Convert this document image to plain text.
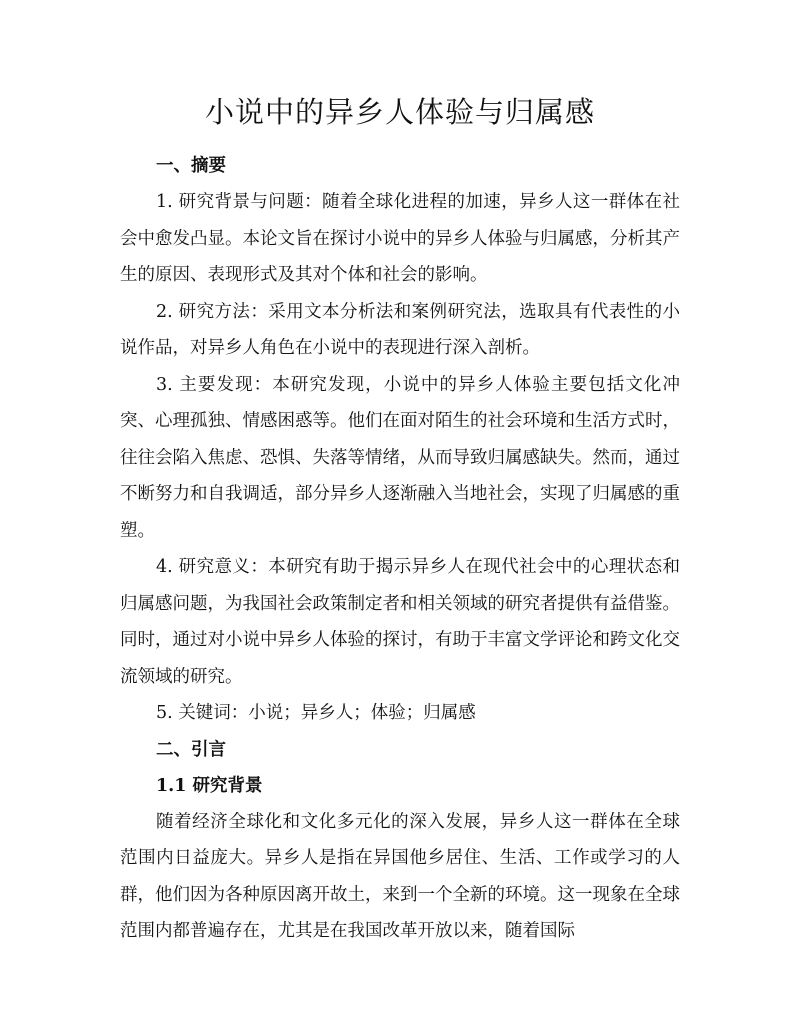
小说中的异乡人体验与归属感
一、摘要

1. 研究背景与问题：随着全球化进程的加速，异乡人这一群体在社会中愈发凸显。本论文旨在探讨小说中的异乡人体验与归属感，分析其产生的原因、表现形式及其对个体和社会的影响。

2. 研究方法：采用文本分析法和案例研究法，选取具有代表性的小说作品，对异乡人角色在小说中的表现进行深入剖析。

3. 主要发现：本研究发现，小说中的异乡人体验主要包括文化冲突、心理孤独、情感困惑等。他们在面对陌生的社会环境和生活方式时，往往会陷入焦虑、恐惧、失落等情绪，从而导致归属感缺失。然而，通过不断努力和自我调适，部分异乡人逐渐融入当地社会，实现了归属感的重塑。

4. 研究意义：本研究有助于揭示异乡人在现代社会中的心理状态和归属感问题，为我国社会政策制定者和相关领域的研究者提供有益借鉴。同时，通过对小说中异乡人体验的探讨，有助于丰富文学评论和跨文化交流领域的研究。

5. 关键词：小说；异乡人；体验；归属感

二、引言
1.1 研究背景

随着经济全球化和文化多元化的深入发展，异乡人这一群体在全球范围内日益庞大。异乡人是指在异国他乡居住、生活、工作或学习的人群，他们因为各种原因离开故土，来到一个全新的环境。这一现象在全球范围内都普遍存在，尤其是在我国改革开放以来，随着国际
